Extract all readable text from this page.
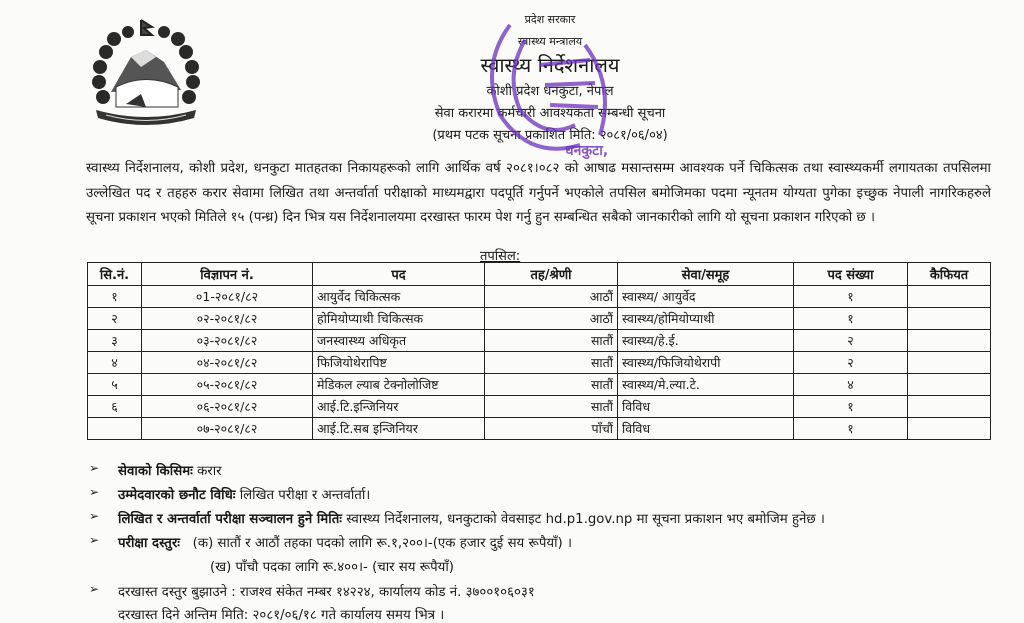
प्रदेश सरकार
स्वास्थ्य मन्त्रालय
स्वास्थ्य निर्देशनालय
कोशी प्रदेश धनकुटा, नेपाल
सेवा करारमा कर्मचारी आवश्यकता सम्बन्धी सूचना
(प्रथम पटक सूचना प्रकाशित मिति: २०८१/०६/०४)
धनकुटा,
स्वास्थ्य निर्देशनालय, कोशी प्रदेश, धनकुटा मातहतका निकायहरूको लागि आर्थिक वर्ष २०८१।०८२ को आषाढ मसान्तसम्म आवश्यक पर्ने चिकित्सक तथा स्वास्थ्यकर्मी लगायतका तपसिलमा उल्लेखित पद र तहहरु करार सेवामा लिखित तथा अन्तर्वार्ता परीक्षाको माध्यमद्वारा पदपूर्ति गर्नुपर्ने भएकोले तपसिल बमोजिमका पदमा न्यूनतम योग्यता पुगेका इच्छुक नेपाली नागरिकहरुले सूचना प्रकाशन भएको मितिले १५ (पन्ध्र) दिन भित्र यस निर्देशनालयमा दरखास्त फारम पेश गर्नु हुन सम्बन्धित सबैको जानकारीको लागि यो सूचना प्रकाशन गरिएको छ ।
तपसिल:
सि.नं.	विज्ञापन नं.	पद	तह/श्रेणी	सेवा/समूह	पद संख्या	कैफियत
१	०1-२०८१/८२	आयुर्वेद चिकित्सक	आठौं	स्वास्थ्य/ आयुर्वेद	१	
२	०२-२०८१/८२	होमियोप्याथी चिकित्सक	आठौं	स्वास्थ्य/होमियोप्याथी	१	
३	०३-२०८१/८२	जनस्वास्थ्य अधिकृत	सातौं	स्वास्थ्य/हे.ई.	२	
४	०४-२०८१/८२	फिजियोथेरापिष्ट	सातौं	स्वास्थ्य/फिजियोथेरापी	२	
५	०५-२०८१/८२	मेडिकल ल्याब टेक्नोलोजिष्ट	सातौं	स्वास्थ्य/मे.ल्या.टे.	४	
६	०६-२०८१/८२	आई.टि.इन्जिनियर	सातौं	विविध	१	
	०७-२०८१/८२	आई.टि.सब इन्जिनियर	पाँचौं	विविध	१	
➢ सेवाको किसिमः करार
➢ उम्मेदवारको छनौट विधिः लिखित परीक्षा र अन्तर्वार्ता।
➢ लिखित र अन्तर्वार्ता परीक्षा सञ्चालन हुने मितिः स्वास्थ्य निर्देशनालय, धनकुटाको वेवसाइट hd.p1.gov.np मा सूचना प्रकाशन भए बमोजिम हुनेछ ।
➢ परीक्षा दस्तुरः (क) सातौं र आठौं तहका पदको लागि रू.१,२००।-(एक हजार दुई सय रूपैयाँ) ।
(ख) पाँचौ पदका लागि रू.४००।- (चार सय रूपैयाँ)
➢ दरखास्त दस्तुर बुझाउने : राजश्व संकेत नम्बर १४२२४, कार्यालय कोड नं. ३७००१०६०३१
दरखास्त दिने अन्तिम मिति: २०८१/०६/१८ गते कार्यालय समय भित्र ।
